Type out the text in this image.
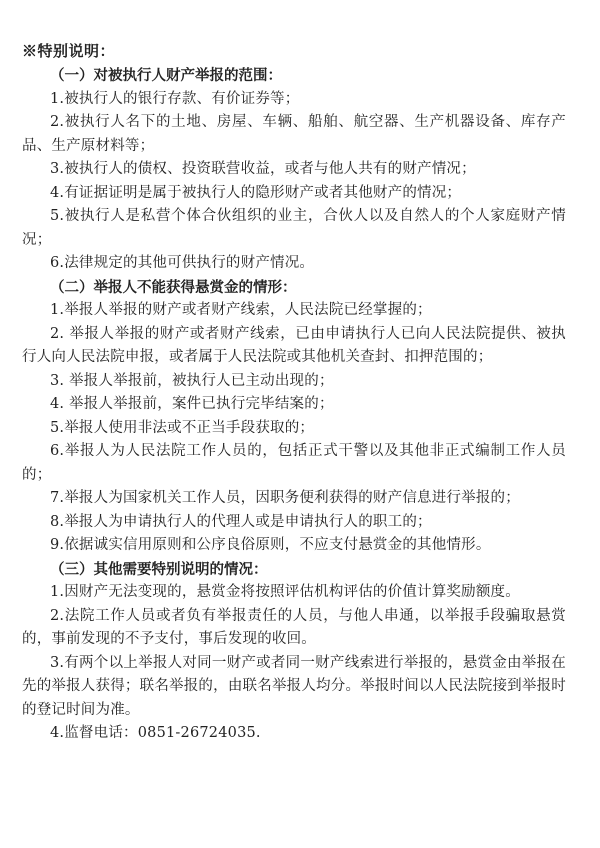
※特别说明：
（一）对被执行人财产举报的范围：

1.被执行人的银行存款、有价证券等；

2.被执行人名下的土地、房屋、车辆、船舶、航空器、生产机器设备、库存产品、生产原材料等；

3.被执行人的债权、投资联营收益，或者与他人共有的财产情况；

4.有证据证明是属于被执行人的隐形财产或者其他财产的情况；

5.被执行人是私营个体合伙组织的业主，合伙人以及自然人的个人家庭财产情况；

6.法律规定的其他可供执行的财产情况。

（二）举报人不能获得悬赏金的情形：

1.举报人举报的财产或者财产线索，人民法院已经掌握的；

2. 举报人举报的财产或者财产线索，已由申请执行人已向人民法院提供、被执行人向人民法院申报，或者属于人民法院或其他机关查封、扣押范围的；

3. 举报人举报前，被执行人已主动出现的；

4. 举报人举报前，案件已执行完毕结案的；

5.举报人使用非法或不正当手段获取的；

6.举报人为人民法院工作人员的，包括正式干警以及其他非正式编制工作人员的；

7.举报人为国家机关工作人员，因职务便利获得的财产信息进行举报的；

8.举报人为申请执行人的代理人或是申请执行人的职工的；

9.依据诚实信用原则和公序良俗原则，不应支付悬赏金的其他情形。

（三）其他需要特别说明的情况：

1.因财产无法变现的，悬赏金将按照评估机构评估的价值计算奖励额度。

2.法院工作人员或者负有举报责任的人员，与他人串通，以举报手段骗取悬赏的，事前发现的不予支付，事后发现的收回。

3.有两个以上举报人对同一财产或者同一财产线索进行举报的，悬赏金由举报在先的举报人获得；联名举报的，由联名举报人均分。举报时间以人民法院接到举报时的登记时间为准。

4.监督电话：0851-26724035.
